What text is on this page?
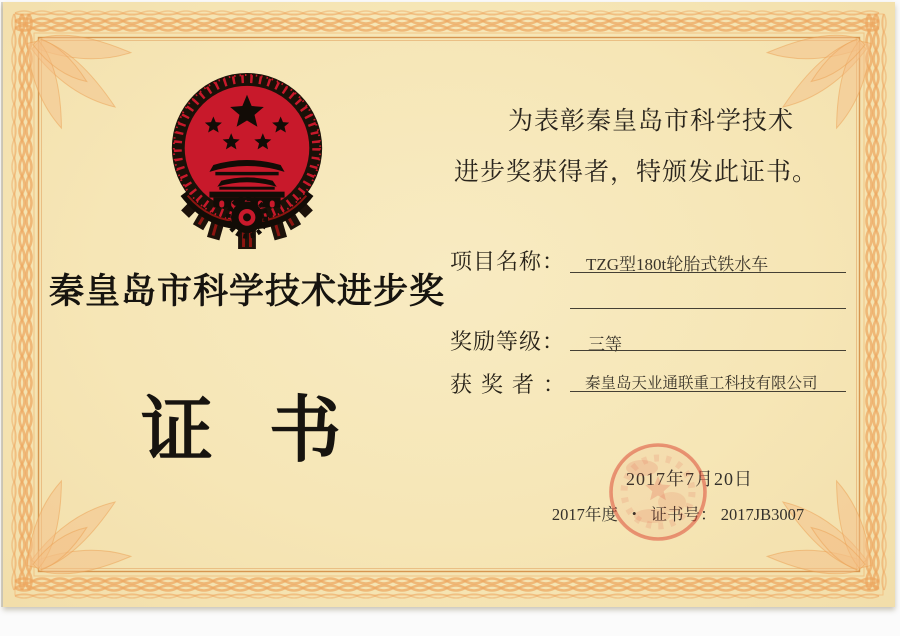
秦皇岛市科学技术进步奖
证书
为表彰秦皇岛市科学技术
进步奖获得者，特颁发此证书。
项目名称： TZG型180t轮胎式铁水车
奖励等级： 三等
获奖者： 秦皇岛天业通联重工科技有限公司
2017年7月20日
2017年度 • 证书号： 2017JB3007
